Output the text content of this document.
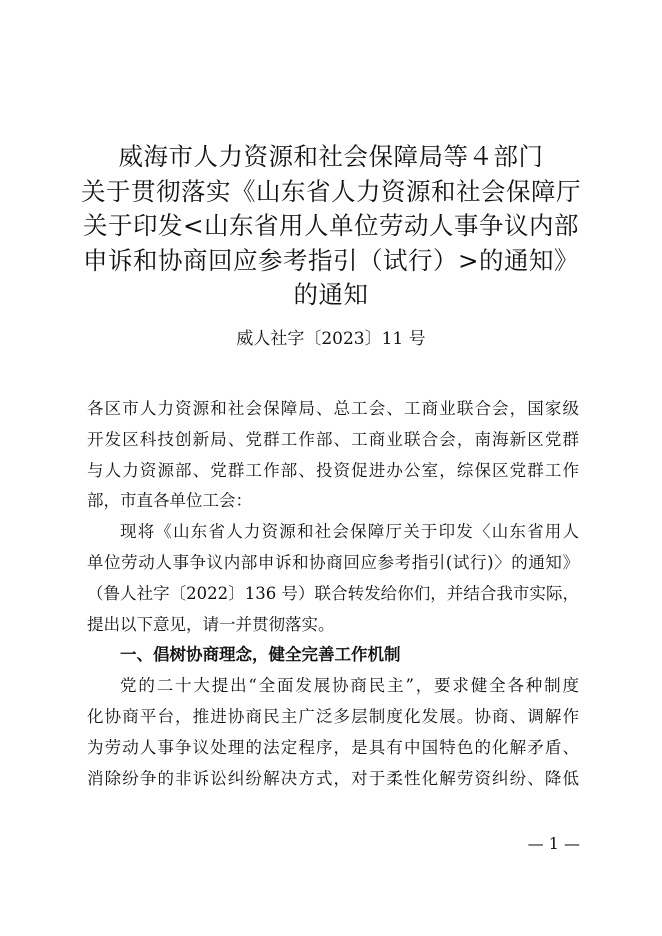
威海市人力资源和社会保障局等４部门
关于贯彻落实《山东省人力资源和社会保障厅
关于印发<山东省用人单位劳动人事争议内部
申诉和协商回应参考指引（试行）>的通知》
的通知
威人社字〔2023〕11 号
各区市人力资源和社会保障局、总工会、工商业联合会，国家级
开发区科技创新局、党群工作部、工商业联合会，南海新区党群
与人力资源部、党群工作部、投资促进办公室，综保区党群工作
部，市直各单位工会：
现将《山东省人力资源和社会保障厅关于印发〈山东省用人
单位劳动人事争议内部申诉和协商回应参考指引(试行)〉的通知》
（鲁人社字〔2022〕136 号）联合转发给你们，并结合我市实际，
提出以下意见，请一并贯彻落实。
一、倡树协商理念，健全完善工作机制
党的二十大提出“全面发展协商民主”，要求健全各种制度
化协商平台，推进协商民主广泛多层制度化发展。协商、调解作
为劳动人事争议处理的法定程序，是具有中国特色的化解矛盾、
消除纷争的非诉讼纠纷解决方式，对于柔性化解劳资纠纷、降低
— 1 —
